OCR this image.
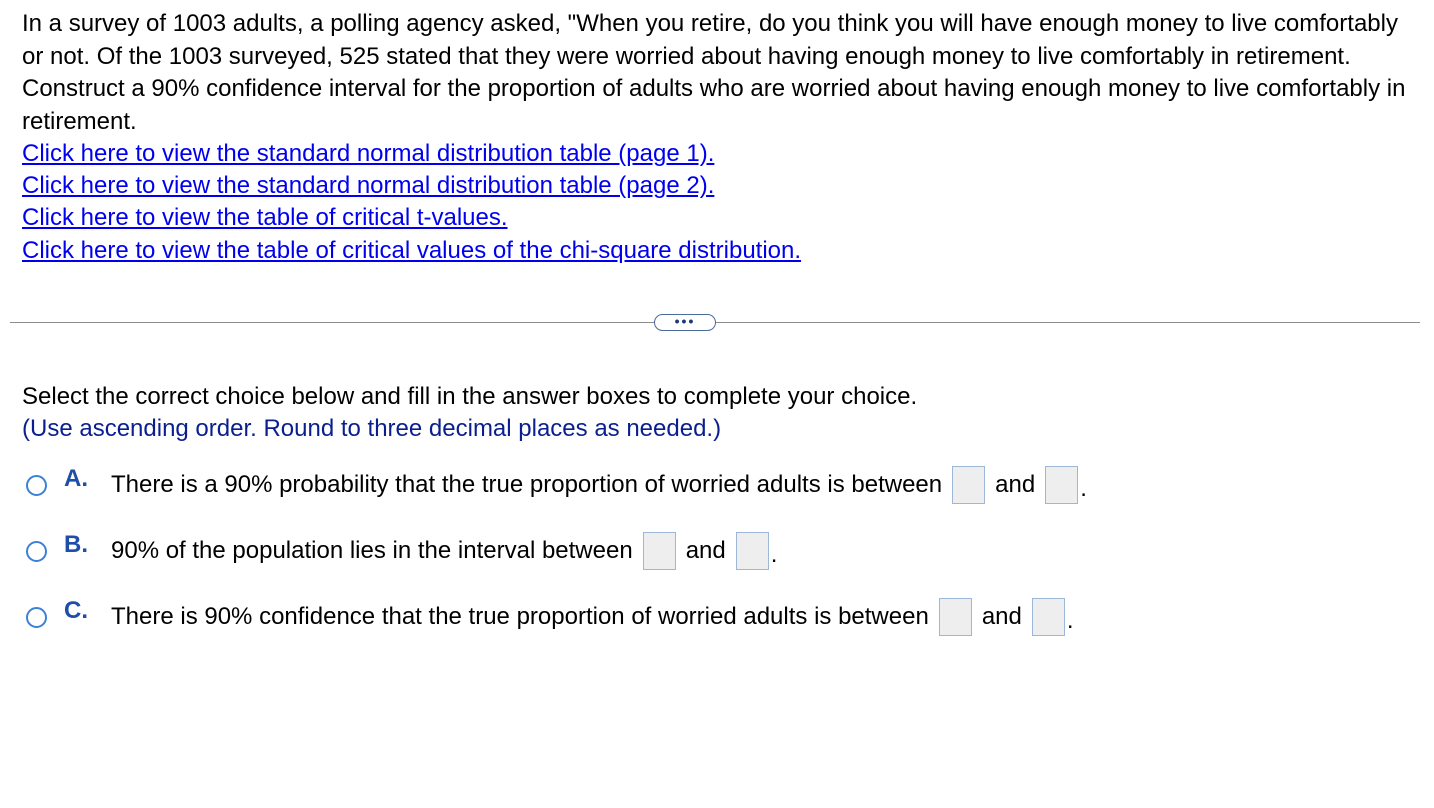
In a survey of 1003 adults, a polling agency asked, "When you retire, do you think you will have enough money to live comfortably or not. Of the 1003 surveyed, 525 stated that they were worried about having enough money to live comfortably in retirement. Construct a 90% confidence interval for the proportion of adults who are worried about having enough money to live comfortably in retirement.
Click here to view the standard normal distribution table (page 1).
Click here to view the standard normal distribution table (page 2).
Click here to view the table of critical t-values.
Click here to view the table of critical values of the chi-square distribution.
•••
Select the correct choice below and fill in the answer boxes to complete your choice.
(Use ascending order. Round to three decimal places as needed.)
A. There is a 90% probability that the true proportion of worried adults is between and .
B. 90% of the population lies in the interval between and .
C. There is 90% confidence that the true proportion of worried adults is between and .
